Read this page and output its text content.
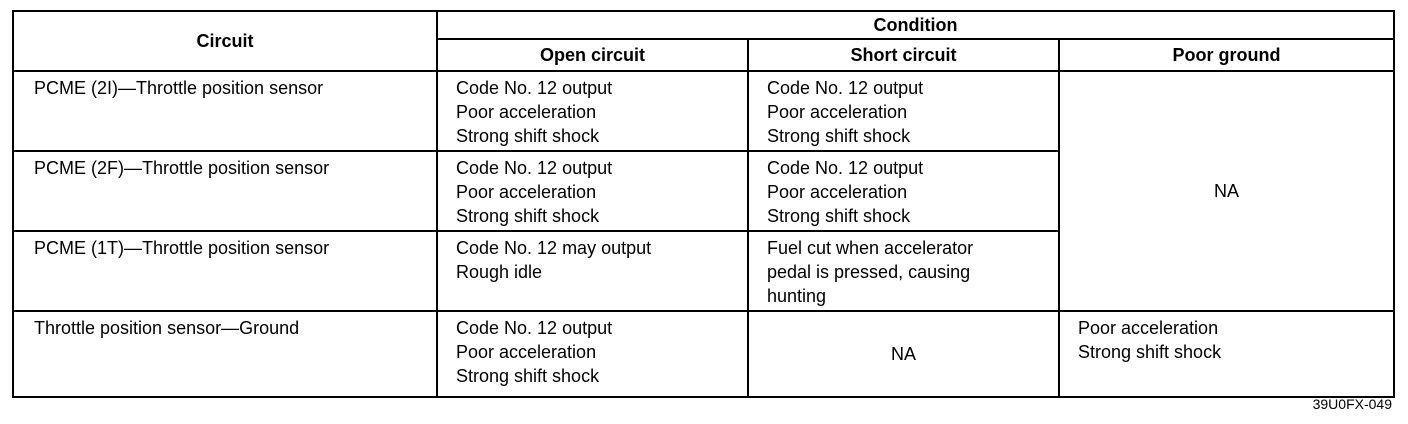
Circuit	Condition		
	Open circuit	Short circuit	Poor ground

PCME (2I)—Throttle position sensor	Code No. 12 output
Poor acceleration
Strong shift shock	Code No. 12 output
Poor acceleration
Strong shift shock	NA

PCME (2F)—Throttle position sensor	Code No. 12 output
Poor acceleration
Strong shift shock	Code No. 12 output
Poor acceleration
Strong shift shock	

PCME (1T)—Throttle position sensor	Code No. 12 may output
Rough idle	Fuel cut when accelerator
pedal is pressed, causing
hunting	

Throttle position sensor—Ground	Code No. 12 output
Poor acceleration
Strong shift shock	NA	Poor acceleration
Strong shift shock
39U0FX-049
